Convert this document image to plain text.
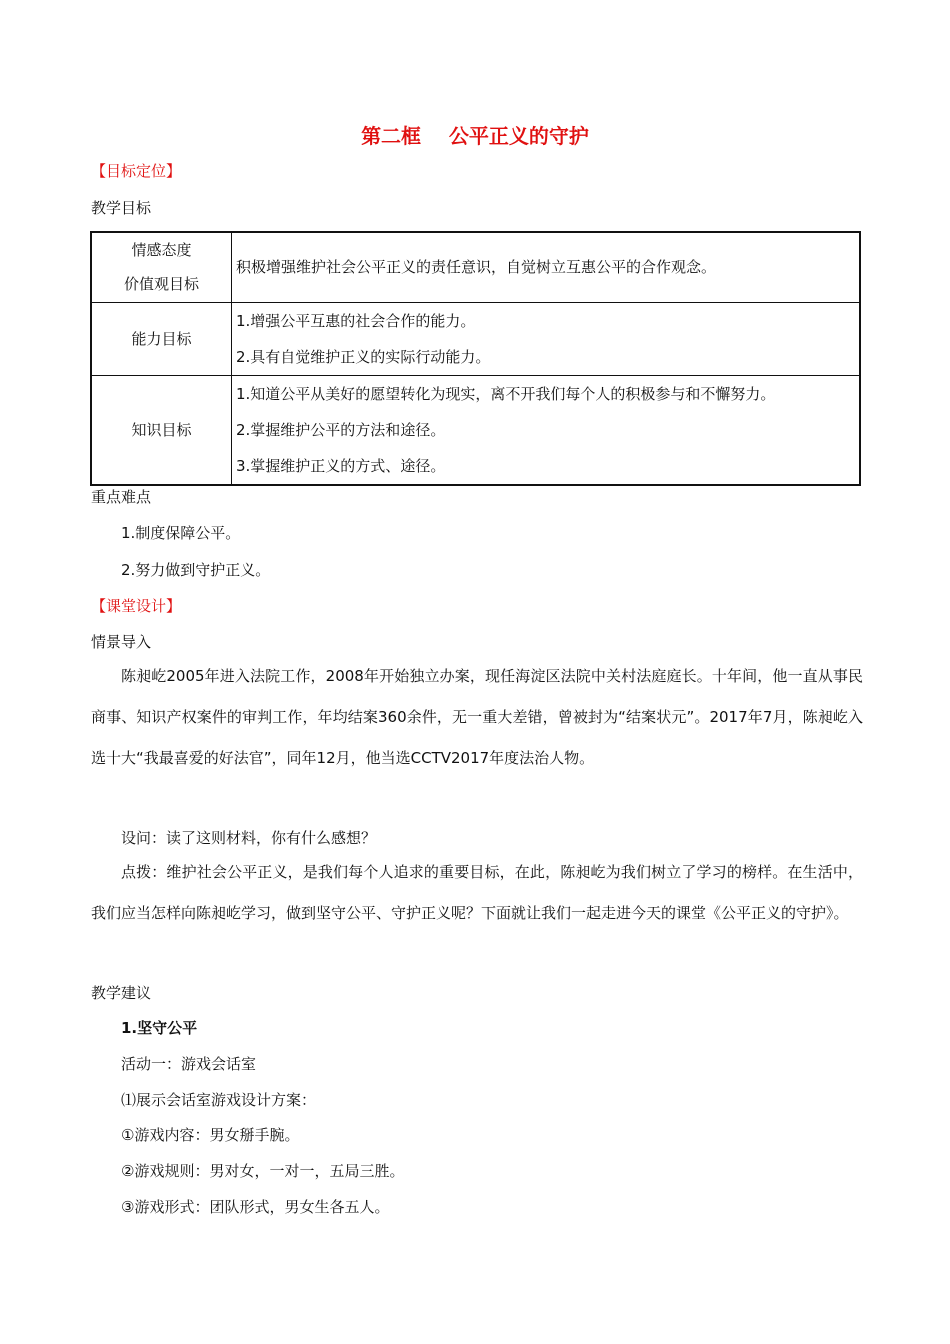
第二框    公平正义的守护
【目标定位】
教学目标
情感态度
价值观目标	积极增强维护社会公平正义的责任意识，自觉树立互惠公平的合作观念。

能力目标	1.增强公平互惠的社会合作的能力。
2.具有自觉维护正义的实际行动能力。

知识目标	1.知道公平从美好的愿望转化为现实，离不开我们每个人的积极参与和不懈努力。
2.掌握维护公平的方法和途径。
3.掌握维护正义的方式、途径。
重点难点
1.制度保障公平。
2.努力做到守护正义。
【课堂设计】
情景导入
陈昶屹2005年进入法院工作，2008年开始独立办案，现任海淀区法院中关村法庭庭长。十年间，他一直从事民商事、知识产权案件的审判工作，年均结案360余件，无一重大差错，曾被封为“结案状元”。2017年7月，陈昶屹入选十大“我最喜爱的好法官”，同年12月，他当选CCTV2017年度法治人物。
设问：读了这则材料，你有什么感想？
点拨：维护社会公平正义，是我们每个人追求的重要目标，在此，陈昶屹为我们树立了学习的榜样。在生活中，我们应当怎样向陈昶屹学习，做到坚守公平、守护正义呢？下面就让我们一起走进今天的课堂《公平正义的守护》。
教学建议
1.坚守公平
活动一：游戏会话室
⑴展示会话室游戏设计方案：
①游戏内容：男女掰手腕。
②游戏规则：男对女，一对一，五局三胜。
③游戏形式：团队形式，男女生各五人。
